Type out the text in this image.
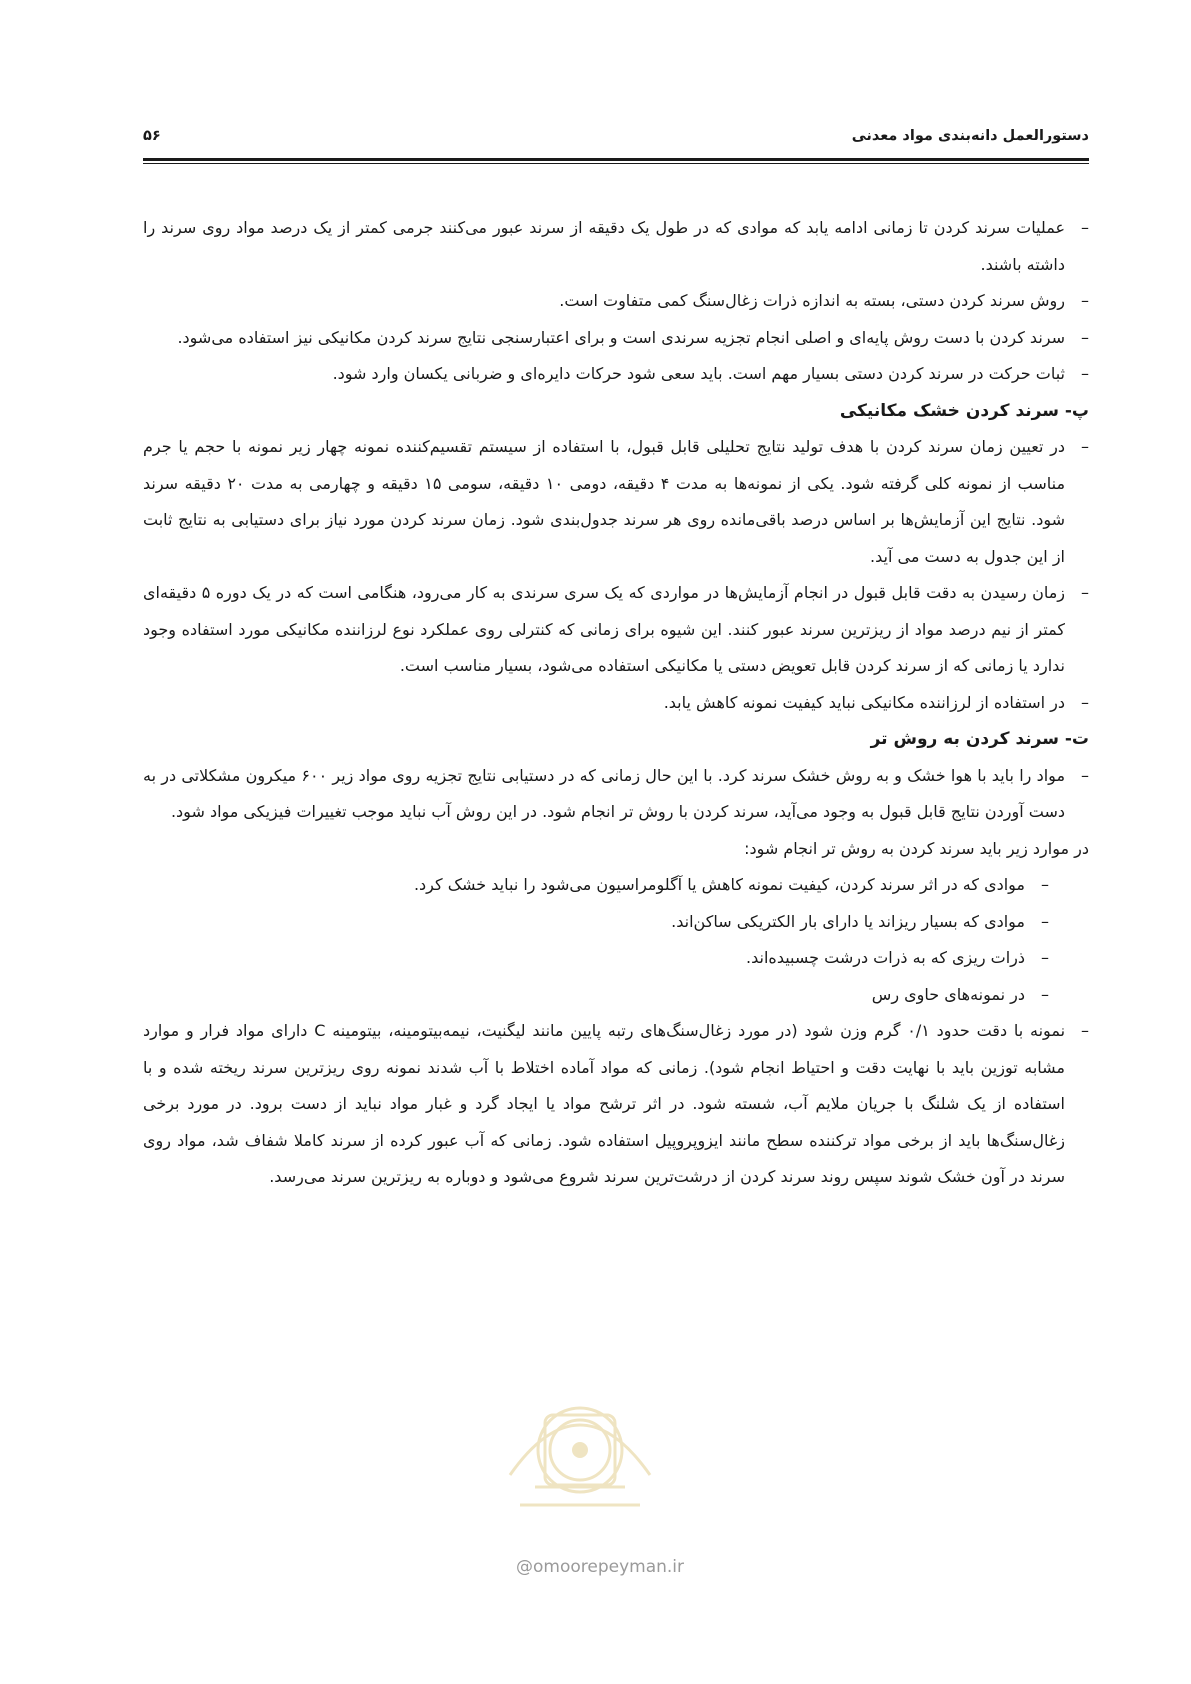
دستورالعمل دانه‌بندی مواد معدنی
۵۶
–
عملیات سرند کردن تا زمانی ادامه یابد که موادی که در طول یک دقیقه از سرند عبور می‌کنند جرمی کمتر از یک درصد مواد روی سرند را داشته باشند.
–
روش سرند کردن دستی، بسته به اندازه ذرات زغال‌سنگ کمی متفاوت است.
–
سرند کردن با دست روش پایه‌ای و اصلی انجام تجزیه سرندی است و برای اعتبارسنجی نتایج سرند کردن مکانیکی نیز استفاده می‌شود.
–
ثبات حرکت در سرند کردن دستی بسیار مهم است. باید سعی شود حرکات دایره‌ای و ضربانی یکسان وارد شود.
پ- سرند کردن خشک مکانیکی
–
در تعیین زمان سرند کردن با هدف تولید نتایج تحلیلی قابل قبول، با استفاده از سیستم تقسیم‌کننده نمونه چهار زیر نمونه با حجم یا جرم مناسب از نمونه کلی گرفته شود. یکی از نمونه‌ها به مدت ۴ دقیقه، دومی ۱۰ دقیقه، سومی ۱۵ دقیقه و چهارمی به مدت ۲۰ دقیقه سرند شود. نتایج این آزمایش‌ها بر اساس درصد باقی‌مانده روی هر سرند جدول‌بندی شود. زمان سرند کردن مورد نیاز برای دستیابی به نتایج ثابت از این جدول به دست می آید.
–
زمان رسیدن به دقت قابل قبول در انجام آزمایش‌ها در مواردی که یک سری سرندی به کار می‌رود، هنگامی است که در یک دوره ۵ دقیقه‌ای کمتر از نیم درصد مواد از ریزترین سرند عبور کنند. این شیوه برای زمانی که کنترلی روی عملکرد نوع لرزاننده مکانیکی مورد استفاده وجود ندارد یا زمانی که از سرند کردن قابل تعویض دستی یا مکانیکی استفاده می‌شود، بسیار مناسب است.
–
در استفاده از لرزاننده مکانیکی نباید کیفیت نمونه کاهش یابد.
ت- سرند کردن به روش تر
–
مواد را باید با هوا خشک و به روش خشک سرند کرد. با این حال زمانی که در دستیابی نتایج تجزیه روی مواد زیر ۶۰۰ میکرون مشکلاتی در به دست آوردن نتایج قابل قبول به وجود می‌آید، سرند کردن با روش تر انجام شود. در این روش آب نباید موجب تغییرات فیزیکی مواد شود.
در موارد زیر باید سرند کردن به روش تر انجام شود:
–
موادی که در اثر سرند کردن، کیفیت نمونه کاهش یا آگلومراسیون می‌شود را نباید خشک کرد.
–
موادی که بسیار ریزاند یا دارای بار الکتریکی ساکن‌اند.
–
ذرات ریزی که به ذرات درشت چسبیده‌اند.
–
در نمونه‌های حاوی رس
–
نمونه با دقت حدود ۰/۱ گرم وزن شود (در مورد زغال‌سنگ‌های رتبه پایین مانند لیگنیت، نیمه‌بیتومینه، بیتومینه C دارای مواد فرار و موارد مشابه توزین باید با نهایت دقت و احتیاط انجام شود). زمانی که مواد آماده اختلاط با آب شدند نمونه روی ریزترین سرند ریخته شده و با استفاده از یک شلنگ با جریان ملایم آب، شسته شود. در اثر ترشح مواد یا ایجاد گرد و غبار مواد نباید از دست برود. در مورد برخی زغال‌سنگ‌ها باید از برخی مواد ترکننده سطح مانند ایزوپروپیل استفاده شود. زمانی که آب عبور کرده از سرند کاملا شفاف شد، مواد روی سرند در آون خشک شوند سپس روند سرند کردن از درشت‌ترین سرند شروع می‌شود و دوباره به ریزترین سرند می‌رسد.
@omoorepeyman.ir
